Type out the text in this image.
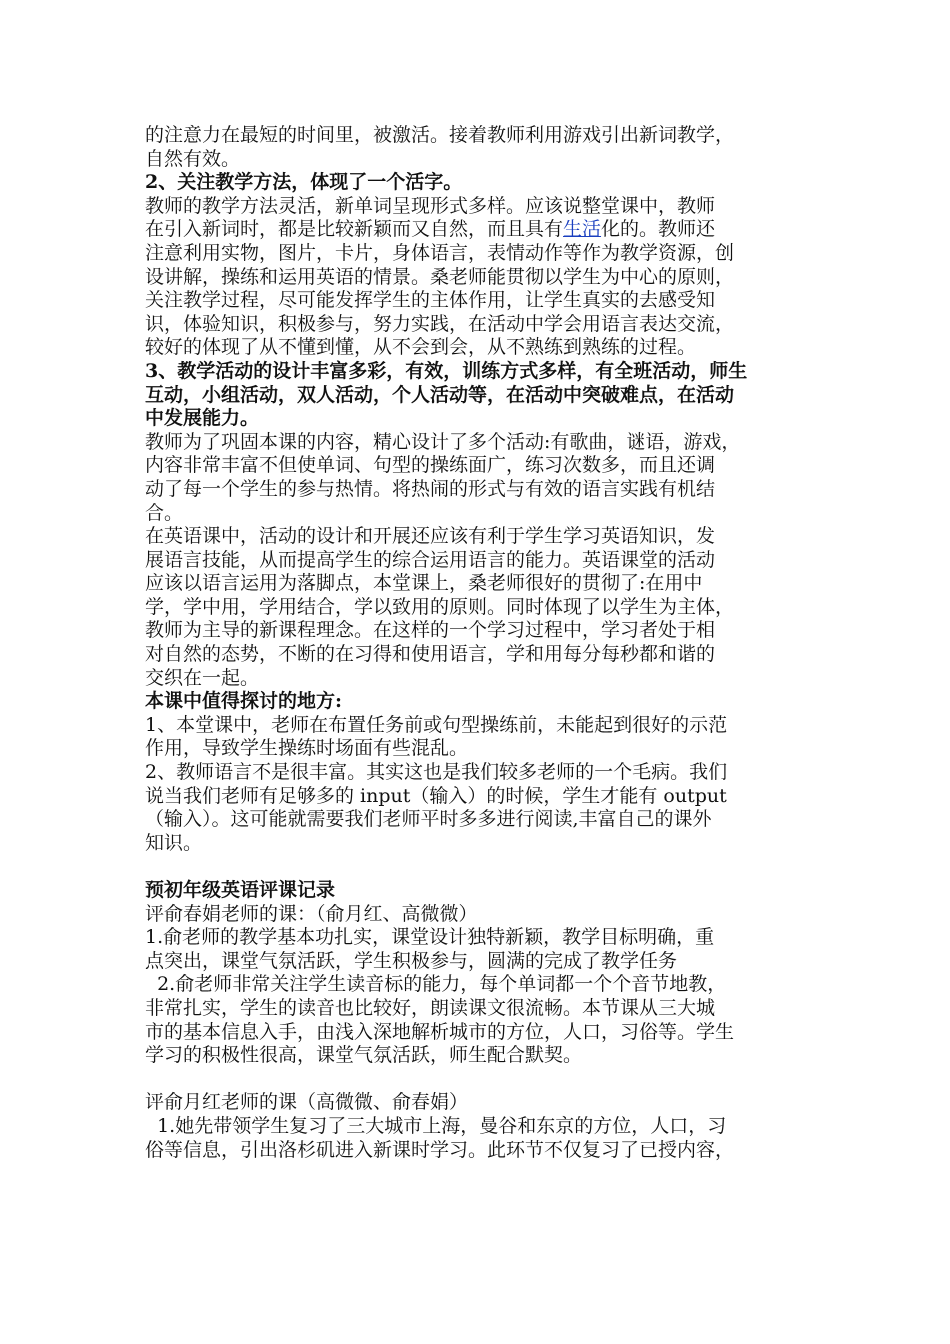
的注意力在最短的时间里，被激活。接着教师利用游戏引出新词教学，
自然有效。
2、关注教学方法，体现了一个活字。
教师的教学方法灵活，新单词呈现形式多样。应该说整堂课中，教师
在引入新词时，都是比较新颖而又自然，而且具有生活化的。教师还
注意利用实物，图片，卡片，身体语言，表情动作等作为教学资源，创
设讲解，操练和运用英语的情景。桑老师能贯彻以学生为中心的原则，
关注教学过程，尽可能发挥学生的主体作用，让学生真实的去感受知
识，体验知识，积极参与，努力实践，在活动中学会用语言表达交流，
较好的体现了从不懂到懂，从不会到会，从不熟练到熟练的过程。
3、教学活动的设计丰富多彩，有效，训练方式多样，有全班活动，师生
互动，小组活动，双人活动，个人活动等，在活动中突破难点，在活动
中发展能力。
教师为了巩固本课的内容，精心设计了多个活动:有歌曲，谜语，游戏，
内容非常丰富不但使单词、句型的操练面广，练习次数多，而且还调
动了每一个学生的参与热情。将热闹的形式与有效的语言实践有机结
合。
在英语课中，活动的设计和开展还应该有利于学生学习英语知识，发
展语言技能，从而提高学生的综合运用语言的能力。英语课堂的活动
应该以语言运用为落脚点，本堂课上，桑老师很好的贯彻了:在用中
学，学中用，学用结合，学以致用的原则。同时体现了以学生为主体，
教师为主导的新课程理念。在这样的一个学习过程中，学习者处于相
对自然的态势，不断的在习得和使用语言，学和用每分每秒都和谐的
交织在一起。
本课中值得探讨的地方:
1、本堂课中，老师在布置任务前或句型操练前，未能起到很好的示范
作用，导致学生操练时场面有些混乱。
2、教师语言不是很丰富。其实这也是我们较多老师的一个毛病。我们
说当我们老师有足够多的 input（输入）的时候，学生才能有 output
（输入）。这可能就需要我们老师平时多多进行阅读,丰富自己的课外
知识。
预初年级英语评课记录
评俞春娟老师的课：（俞月红、高微微）
1.俞老师的教学基本功扎实，课堂设计独特新颖，教学目标明确，重
点突出，课堂气氛活跃，学生积极参与，圆满的完成了教学任务
2.俞老师非常关注学生读音标的能力，每个单词都一个个音节地教，
非常扎实，学生的读音也比较好，朗读课文很流畅。本节课从三大城
市的基本信息入手，由浅入深地解析城市的方位，人口，习俗等。学生
学习的积极性很高，课堂气氛活跃，师生配合默契。
评俞月红老师的课（高微微、俞春娟）
1.她先带领学生复习了三大城市上海，曼谷和东京的方位，人口，习
俗等信息，引出洛杉矶进入新课时学习。此环节不仅复习了已授内容，
